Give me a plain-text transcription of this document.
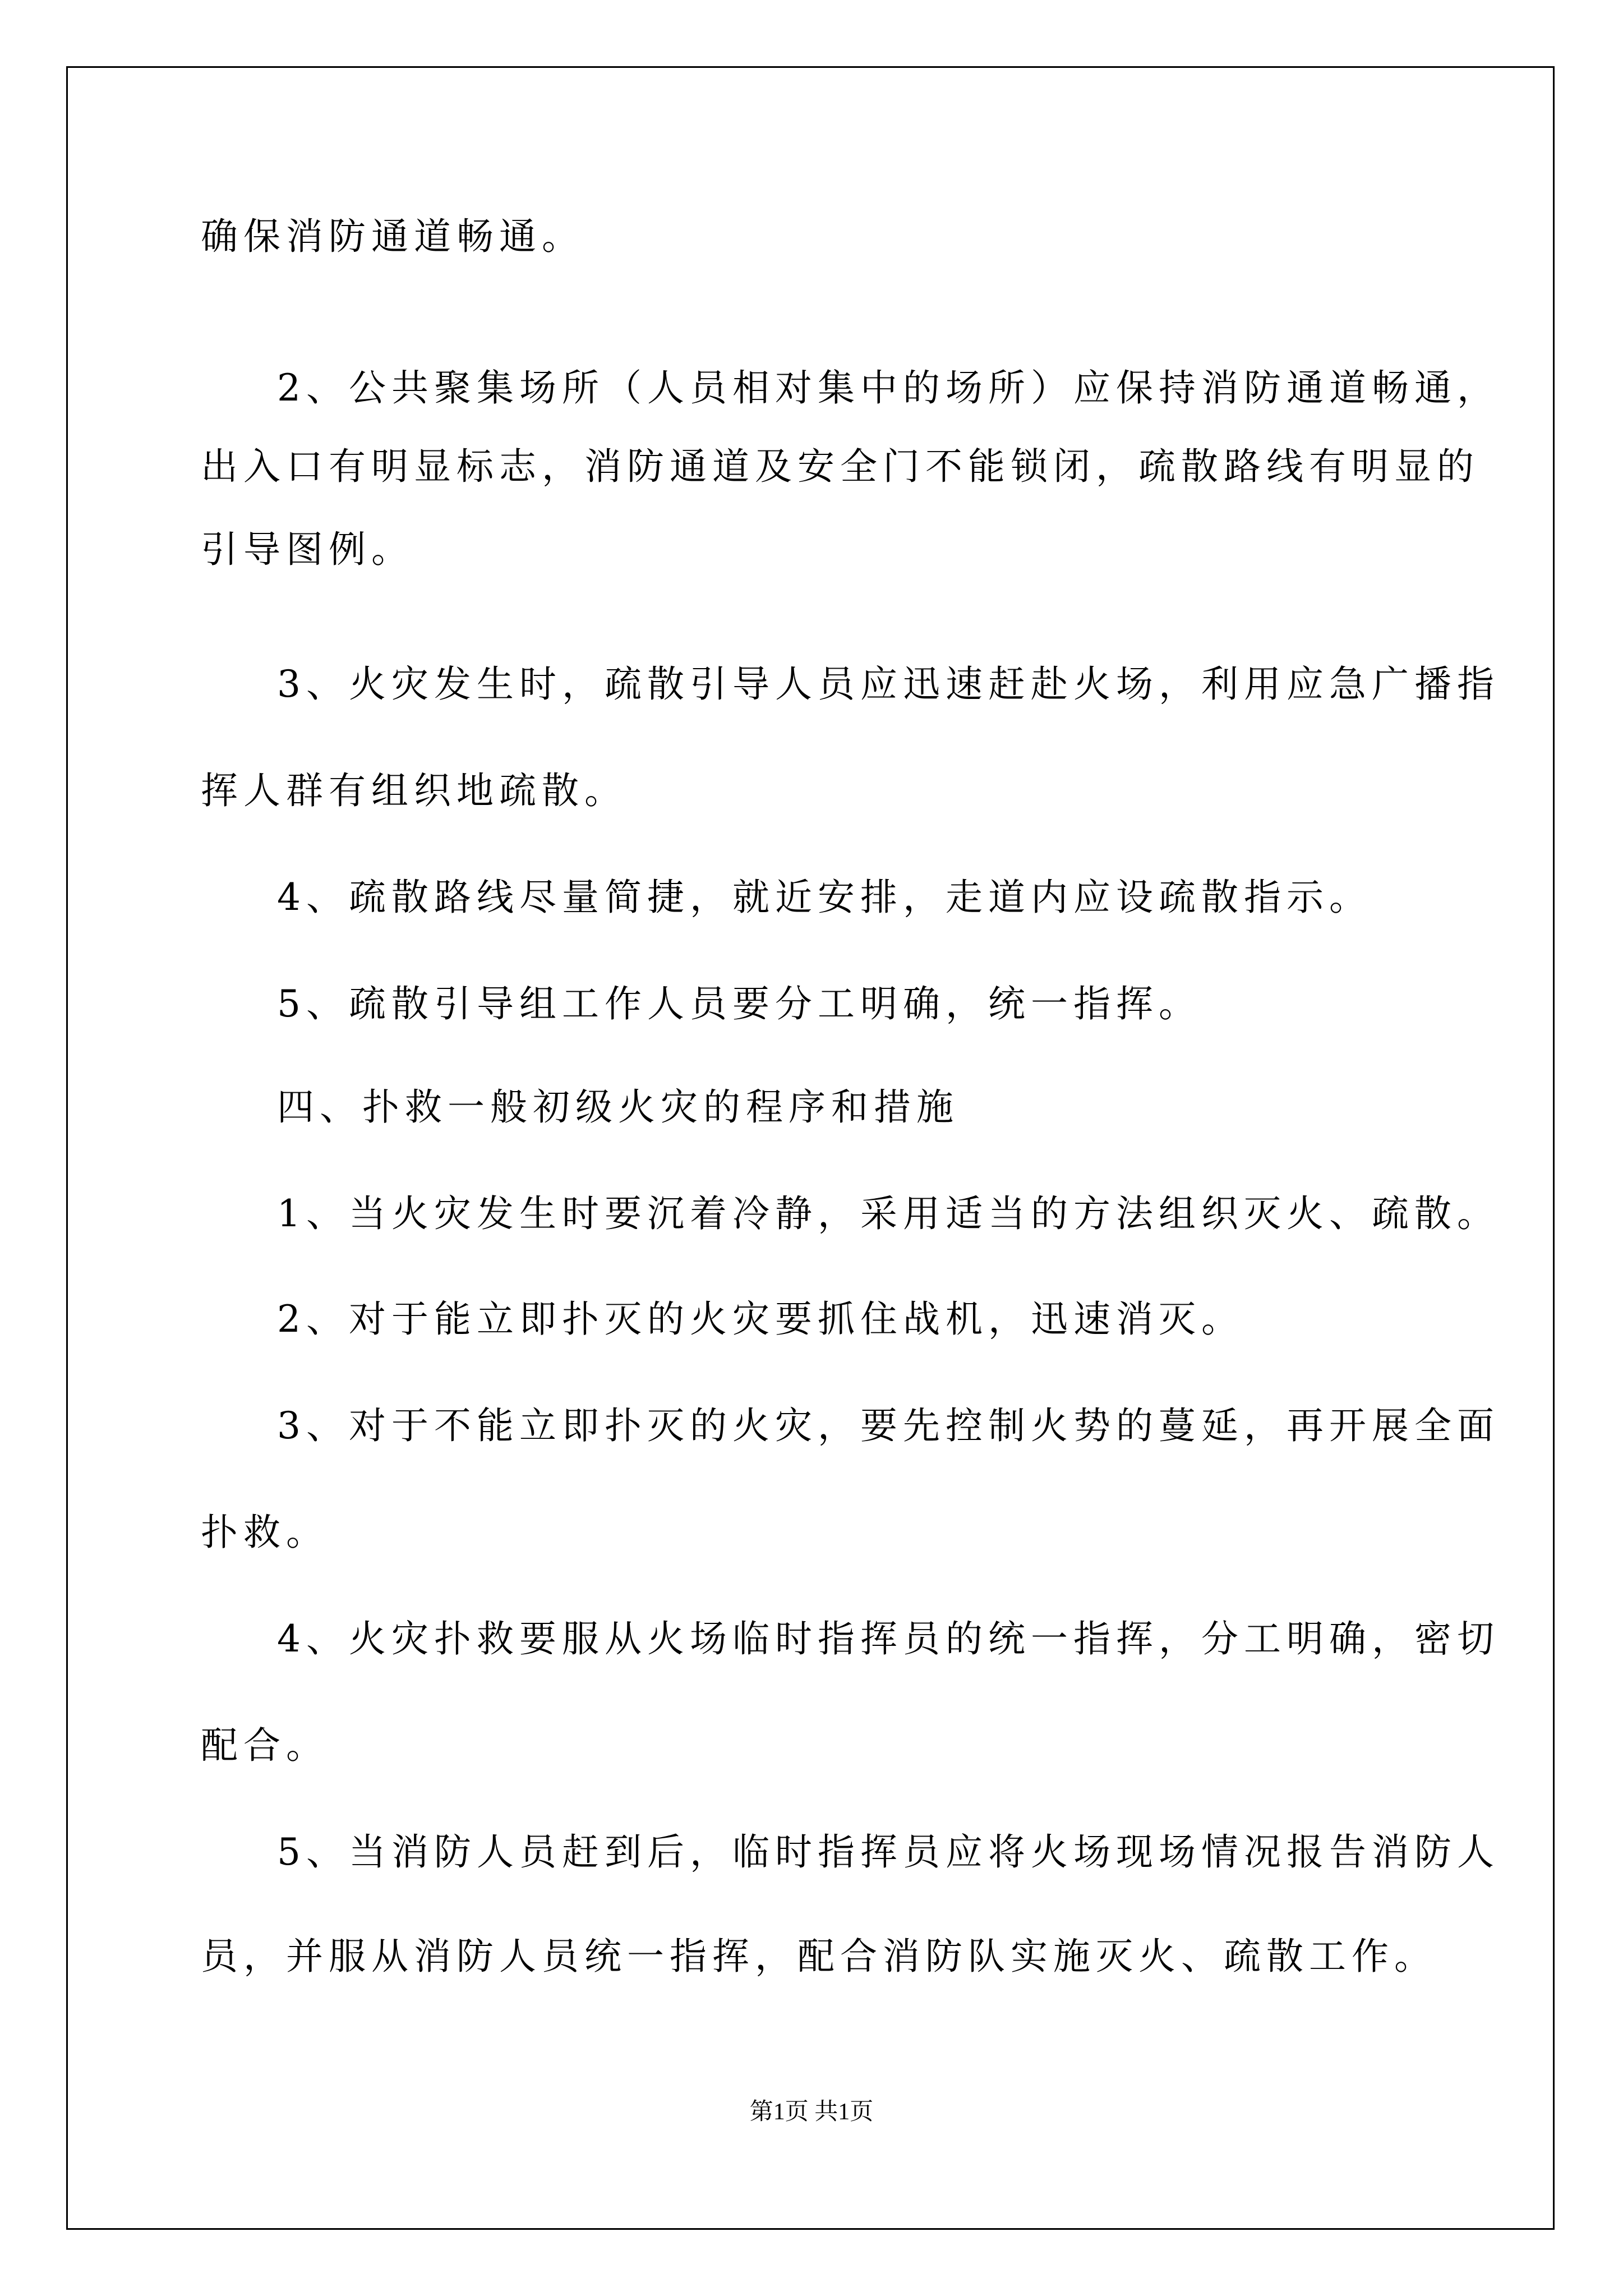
确保消防通道畅通。
2、公共聚集场所（人员相对集中的场所）应保持消防通道畅通，
出入口有明显标志，消防通道及安全门不能锁闭，疏散路线有明显的
引导图例。
3、火灾发生时，疏散引导人员应迅速赶赴火场，利用应急广播指
挥人群有组织地疏散。
4、疏散路线尽量简捷，就近安排，走道内应设疏散指示。
5、疏散引导组工作人员要分工明确，统一指挥。
四、扑救一般初级火灾的程序和措施
1、当火灾发生时要沉着冷静，采用适当的方法组织灭火、疏散。
2、对于能立即扑灭的火灾要抓住战机，迅速消灭。
3、对于不能立即扑灭的火灾，要先控制火势的蔓延，再开展全面
扑救。
4、火灾扑救要服从火场临时指挥员的统一指挥，分工明确，密切
配合。
5、当消防人员赶到后，临时指挥员应将火场现场情况报告消防人
员，并服从消防人员统一指挥，配合消防队实施灭火、疏散工作。
第1页 共1页
